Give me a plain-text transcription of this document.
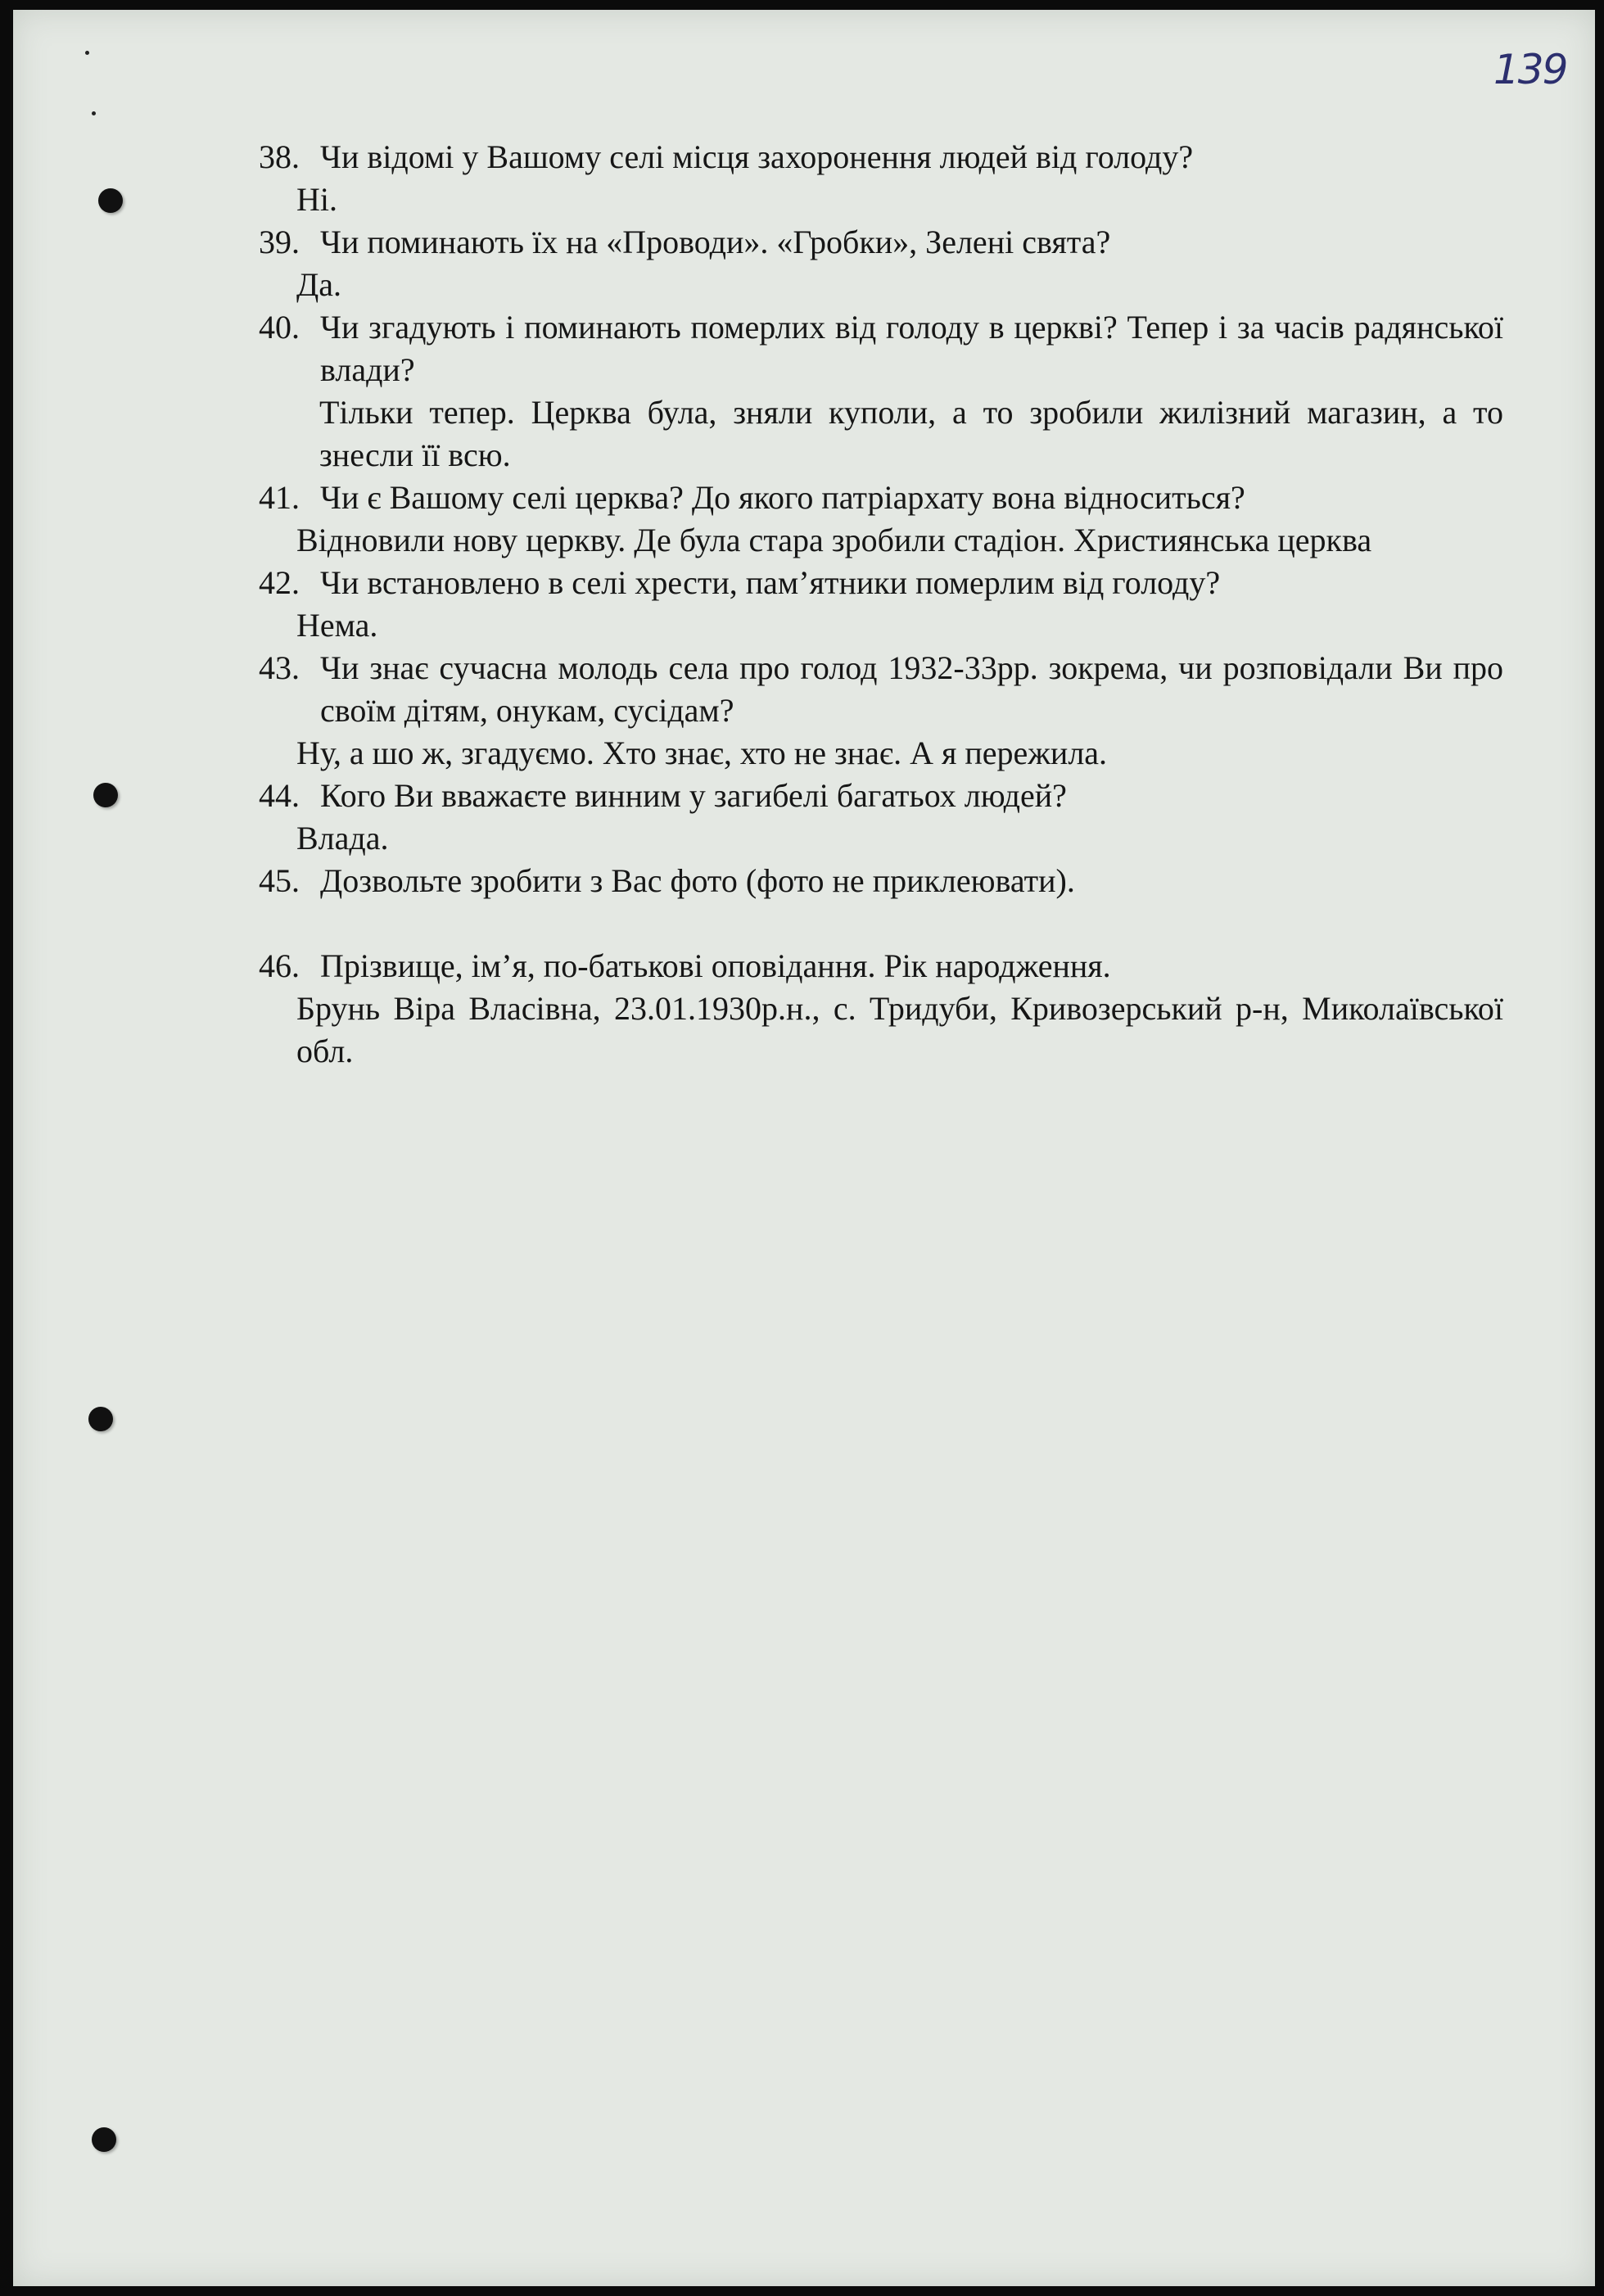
139
38. Чи відомі у Вашому селі місця захоронення людей від голоду?
Ні.
39. Чи поминають їх на «Проводи». «Гробки», Зелені свята?
Да.
40. Чи згадують і поминають померлих від голоду в церкві? Тепер і за часів радянської влади?
Тільки тепер. Церква була, зняли куполи, а то зробили жилізний магазин, а то знесли її всю.
41. Чи є Вашому селі церква? До якого патріархату вона відноситься?
Відновили нову церкву. Де була стара зробили стадіон. Християнська церква
42. Чи встановлено в селі хрести, пам’ятники померлим від голоду?
Нема.
43. Чи знає сучасна молодь села про голод 1932-33рр. зокрема, чи розповідали Ви про своїм дітям, онукам, сусідам?
Ну, а шо ж, згадуємо. Хто знає, хто не знає. А я пережила.
44. Кого Ви вважаєте винним у загибелі багатьох людей?
Влада.
45. Дозвольте зробити з Вас фото (фото не приклеювати).
46. Прізвище, ім’я, по-батькові оповідання. Рік народження.
Брунь Віра Власівна, 23.01.1930р.н., с. Тридуби, Кривозерський р-н, Миколаївської обл.
